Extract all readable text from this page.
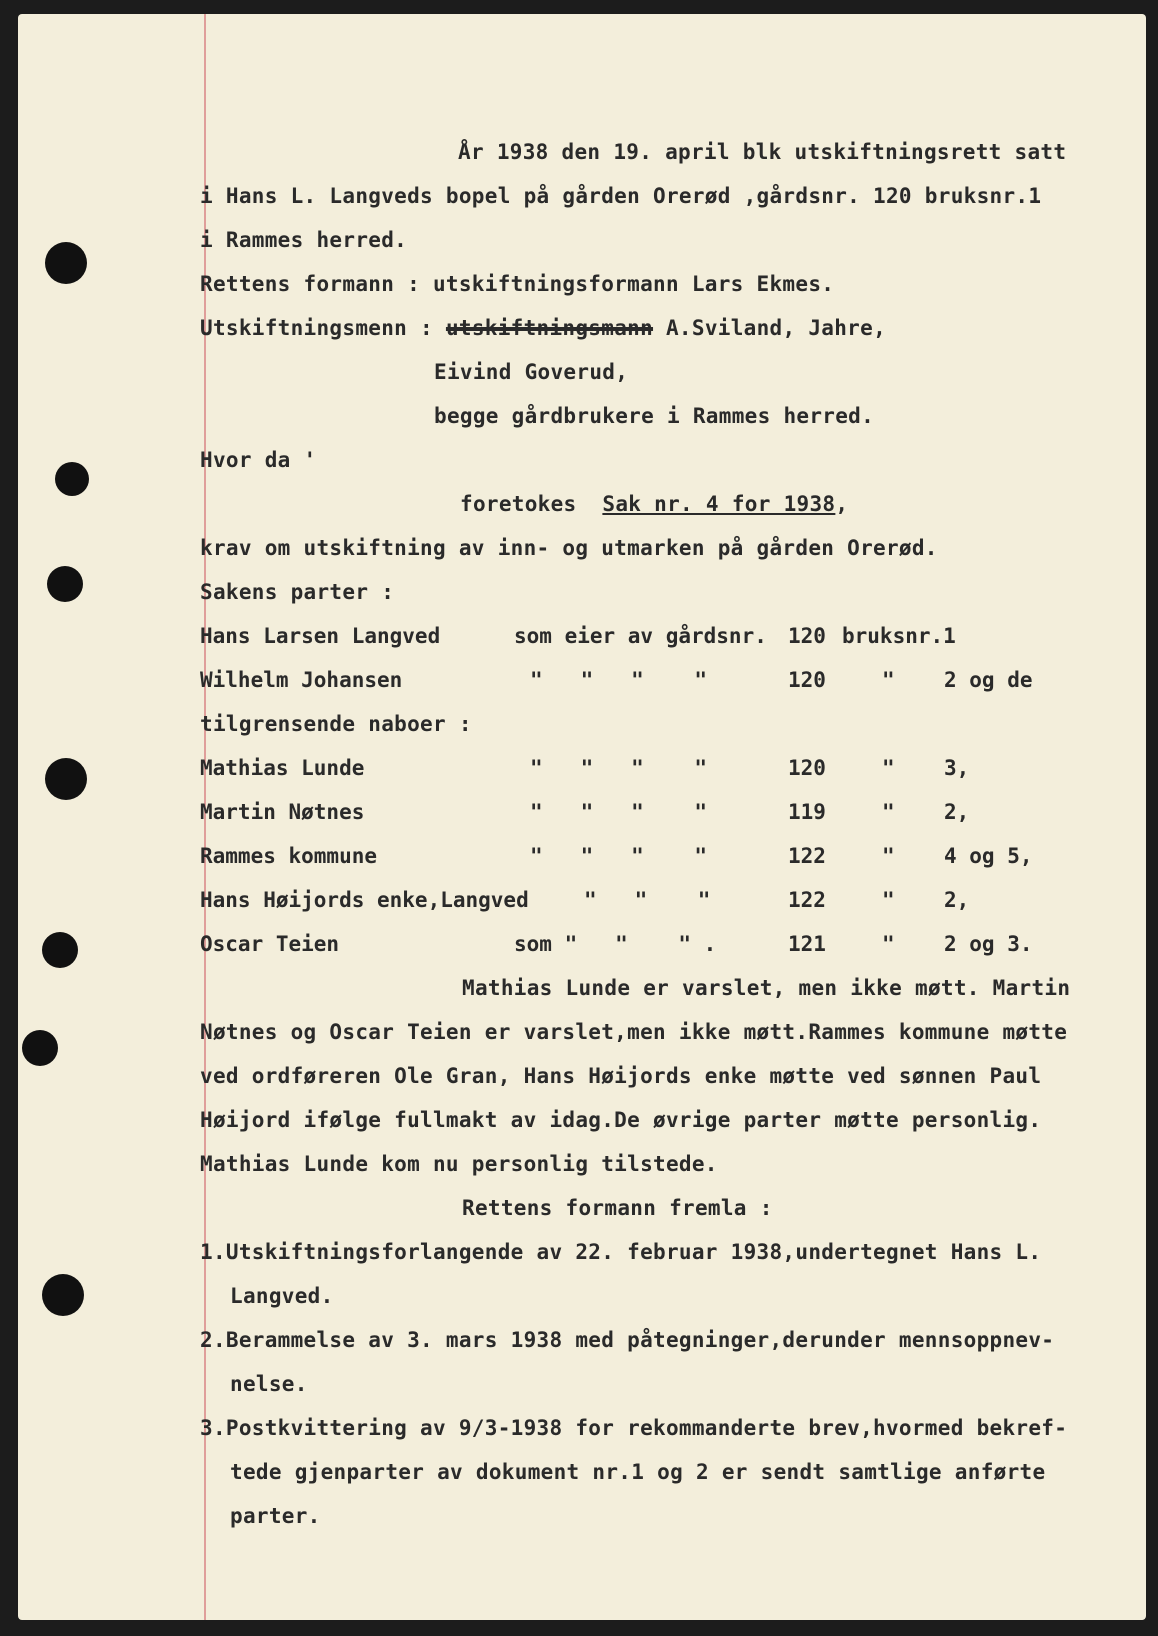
År 1938 den 19. april blk utskiftningsrett satt
i Hans L. Langveds bopel på gården Orerød ,gårdsnr. 120 bruksnr.1
i Rammes herred.
Rettens formann : utskiftningsformann Lars Ekmes.
Utskiftningsmenn : utskiftningsmann A.Sviland, Jahre,
Eivind Goverud,
begge gårdbrukere i Rammes herred.
Hvor da '
foretokes Sak nr. 4 for 1938,
krav om utskiftning av inn- og utmarken på gården Orerød.
Sakens parter :
Hans Larsen Langved	som eier av gårdsnr. 120 bruksnr.1
Wilhelm Johansen	"   "   "    "	120	" 2 og de
tilgrensende naboer :
Mathias Lunde	"   "   "    "	120	" 3,
Martin Nøtnes	"   "   "    "	119	" 2,
Rammes kommune	"   "   "    "	122	" 4 og 5,
Hans Høijords enke,Langved	"   "    "	122	" 2,
Oscar Teien	som "   "    " .	121	" 2 og 3.
Mathias Lunde er varslet, men ikke møtt. Martin
Nøtnes og Oscar Teien er varslet,men ikke møtt.Rammes kommune møtte
ved ordføreren Ole Gran, Hans Høijords enke møtte ved sønnen Paul
Høijord ifølge fullmakt av idag.De øvrige parter møtte personlig.
Mathias Lunde kom nu personlig tilstede.
Rettens formann fremla :
1.Utskiftningsforlangende av 22. februar 1938,undertegnet Hans L.
Langved.
2.Berammelse av 3. mars 1938 med påtegninger,derunder mennsoppnev-
nelse.
3.Postkvittering av 9/3-1938 for rekommanderte brev,hvormed bekref-
tede gjenparter av dokument nr.1 og 2 er sendt samtlige anførte
parter.
